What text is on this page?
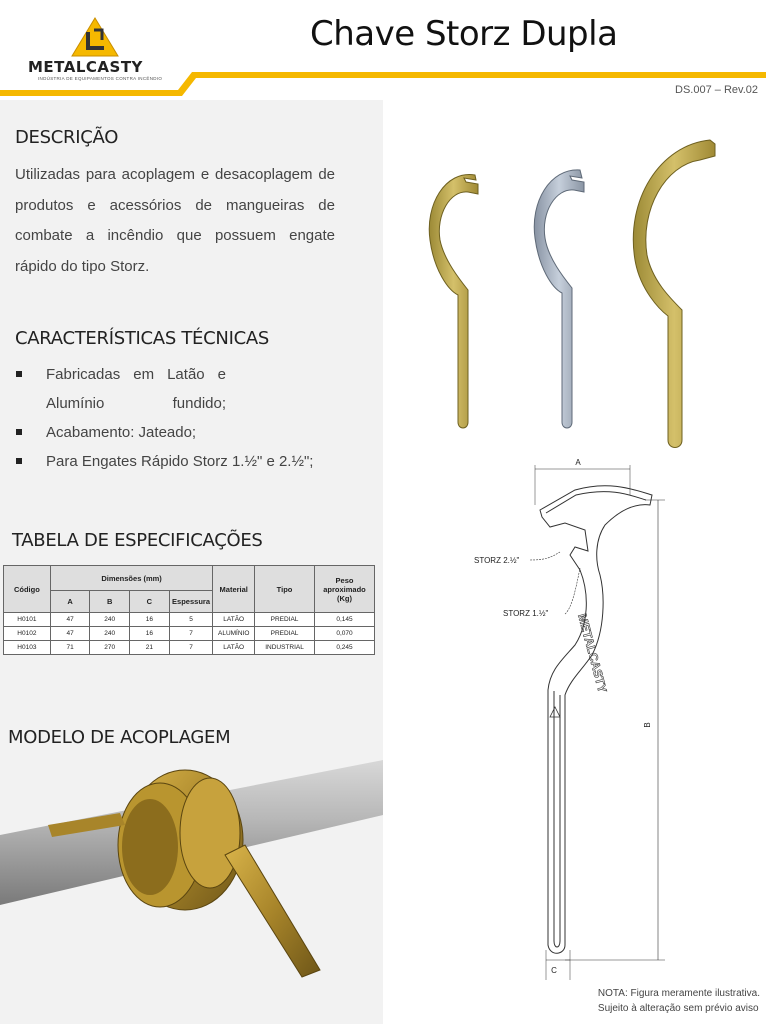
METALCASTY
INDÚSTRIA DE EQUIPAMENTOS CONTRA INCÊNDIO
Chave Storz Dupla
DS.007 – Rev.02
DESCRIÇÃO
Utilizadas para acoplagem e desacoplagem de produtos e acessórios de mangueiras de combate a incêndio que possuem engate rápido do tipo Storz.
CARACTERÍSTICAS TÉCNICAS
Fabricadas em Latão e Alumínio fundido;
Acabamento: Jateado;
Para Engates Rápido Storz 1.½" e 2.½";
TABELA DE ESPECIFICAÇÕES
Código	Dimensões (mm)				Material	Tipo	Peso aproximado (Kg)
	A	B	C	Espessura			
H0101	47	240	16	5	LATÃO	PREDIAL	0,145
H0102	47	240	16	7	ALUMÍNIO	PREDIAL	0,070
H0103	71	270	21	7	LATÃO	INDUSTRIAL	0,245
MODELO DE ACOPLAGEM
METALCASTY
A
B
C
STORZ 2.½"
STORZ 1.½"
NOTA: Figura meramente ilustrativa.
Sujeito à alteração sem prévio aviso
